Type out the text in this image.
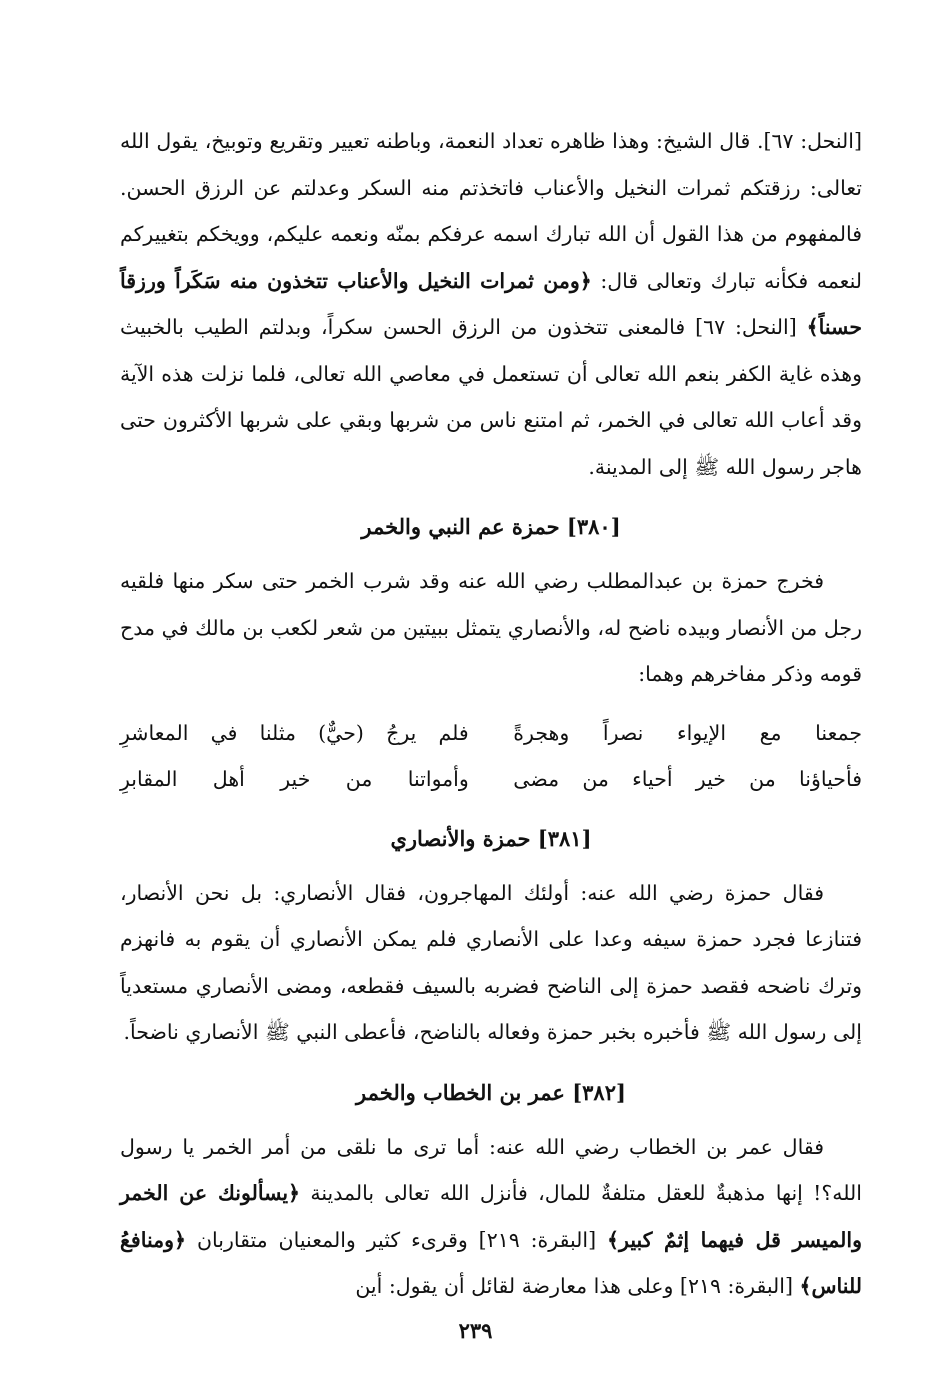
[النحل: ٦٧]. قال الشيخ: وهذا ظاهره تعداد النعمة، وباطنه تعيير وتقريع وتوبيخ، يقول الله تعالى: رزقتكم ثمرات النخيل والأعناب فاتخذتم منه السكر وعدلتم عن الرزق الحسن. فالمفهوم من هذا القول أن الله تبارك اسمه عرفكم بمنّه ونعمه عليكم، وويخكم بتغييركم لنعمه فكأنه تبارك وتعالى قال: ﴿ومن ثمرات النخيل والأعناب تتخذون منه سَكَراً ورزقاً حسناً﴾ [النحل: ٦٧] فالمعنى تتخذون من الرزق الحسن سكراً، وبدلتم الطيب بالخبيث وهذه غاية الكفر بنعم الله تعالى أن تستعمل في معاصي الله تعالى، فلما نزلت هذه الآية وقد أعاب الله تعالى في الخمر، ثم امتنع ناس من شربها وبقي على شربها الأكثرون حتى هاجر رسول الله ﷺ إلى المدينة.

[٣٨٠] حمزة عم النبي والخمر

فخرج حمزة بن عبدالمطلب رضي الله عنه وقد شرب الخمر حتى سكر منها فلقيه رجل من الأنصار وبيده ناضح له، والأنصاري يتمثل ببيتين من شعر لكعب بن مالك في مدح قومه وذكر مفاخرهم وهما:

جمعنا مع الإيواء نصراً وهجرةً
فلم يرجُ (حيٌّ) مثلنا في المعاشرِ
فأحياؤنا من خير أحياء من مضى
وأمواتنا من خير أهل المقابرِ
[٣٨١] حمزة والأنصاري

فقال حمزة رضي الله عنه: أولئك المهاجرون، فقال الأنصاري: بل نحن الأنصار، فتنازعا فجرد حمزة سيفه وعدا على الأنصاري فلم يمكن الأنصاري أن يقوم به فانهزم وترك ناضحه فقصد حمزة إلى الناضح فضربه بالسيف فقطعه، ومضى الأنصاري مستعدياً إلى رسول الله ﷺ فأخبره بخبر حمزة وفعاله بالناضح، فأعطى النبي ﷺ الأنصاري ناضحاً.

[٣٨٢] عمر بن الخطاب والخمر

فقال عمر بن الخطاب رضي الله عنه: أما ترى ما نلقى من أمر الخمر يا رسول الله؟! إنها مذهبةٌ للعقل متلفةٌ للمال، فأنزل الله تعالى بالمدينة ﴿يسألونك عن الخمر والميسر قل فيهما إثمٌ كبير﴾ [البقرة: ٢١٩] وقرىء كثير والمعنيان متقاربان ﴿ومنافعُ للناس﴾ [البقرة: ٢١٩] وعلى هذا معارضة لقائل أن يقول: أين

٢٣٩
